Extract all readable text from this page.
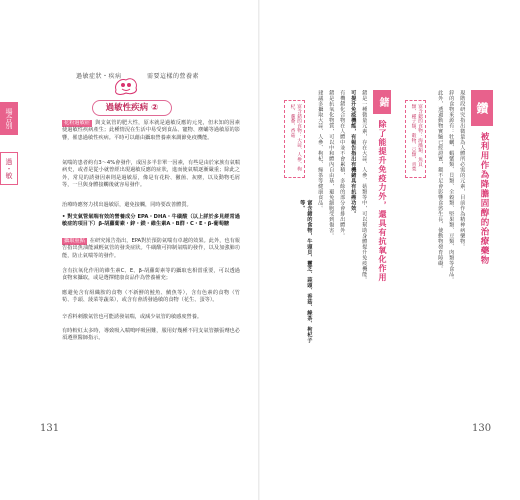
場合別
過・敏
過敏症狀・疾病	需要這樣的營養素
過敏性疾病 ②
花粉過敏症 與支氣管的肥大性，原本就是過敏反應的元兇，但未知的因素使過敏性疾病產生；此種情況在生活中易受到食品、寵物、塵蟎等過敏原的影響，罹患過敏性疾病。平時可以藉由攝取營養素來調節免疫機能。
氣喘的患者約有3～4%會發作，成因多半非單一因素，有些是由於家族有氣喘病史，或者是從小就曾經出現過敏反應的症狀，進而使氣喘逐漸嚴重；除此之外，常見的誘發因素則是過敏原，像是有花粉、黴菌、灰塵，以及動物毛屑等，一旦與身體接觸後就容易發作。
治療時應努力找出過敏原，避免接觸，同時要改善體質。
• 對支氣管氣喘有效的營養成分 EPA・DHA・牛磺酸（以上詳於多見經常過敏症的項目下）β-胡蘿蔔素・鋅・鎂・維生素A・B群・C・E・β-葡萄糖
攝取重點 在研究報告指出，EPA對於預防氣喘有卓越的效果。此外，也有報告指出魚油能減輕氣管的發炎症狀。牛磺酸可抑制氣喘的發作，以及加強肺功能，防止氣喘等的發作。
含有抗氧化作用的維生素C、E、β-胡蘿蔔素等的攝取也相當重要，可以透過食物來攝取，或是選擇健康食品作為營養補充；
應避免含有組織胺的食物（不新鮮的鮭魚、鯖魚等），含有色素的食物（竹筍、芋頭、菠菜等蔬菜），或含有會誘發過敏的食物（花生、蛋等）。
辛香料刺激氣管也可能誘發氣喘，或減少氣管的敏感度營養。
有時較紅太多時，導致吸入喘鳴呼吸困難，服用好幾種不同支氣管擴張劑也必須遵照醫師指示。
131
鑽
被利用作為降膽固醇的治療藥物
現階段研究指出微量為人體所必需的元素，目前作為精神病藥物。
鋅的食物來源有：牡蠣、蝦蟹類、貝類、全穀類、堅果類、豆類、肉類等食品。
此外，透過動物實驗已經證實，鍶不足會影響食慾生長、使動物發育障礙。
富含鍶的食物：海藻類、魚貝類、種子類、穀物、豆類、青菜
鍺
除了能提升免疫力外，還具有抗氧化作用
鍺是一種微量元素，存在大蒜、人參、菇類等中，可以幫助身體提升免疫機能。
可提升免疫機能，有報告指出有機鍺具有抗癌功效。
有機鍺化合物在人體中並不會累積，多餘的部分會排出體外。
鍺是抗氧化物質，可以中和體內自由基，避免細胞受到傷害。
建議多攝取大蒜、人參、枸杞、綠茶等健康食品。
富含鍺的食物：大蒜、人參、枸杞、蘆薈、香菇
富含鍺的食物，牛頭貝、靈芝、蒜頭、香菇、綠茶、枸杞子等。
130
